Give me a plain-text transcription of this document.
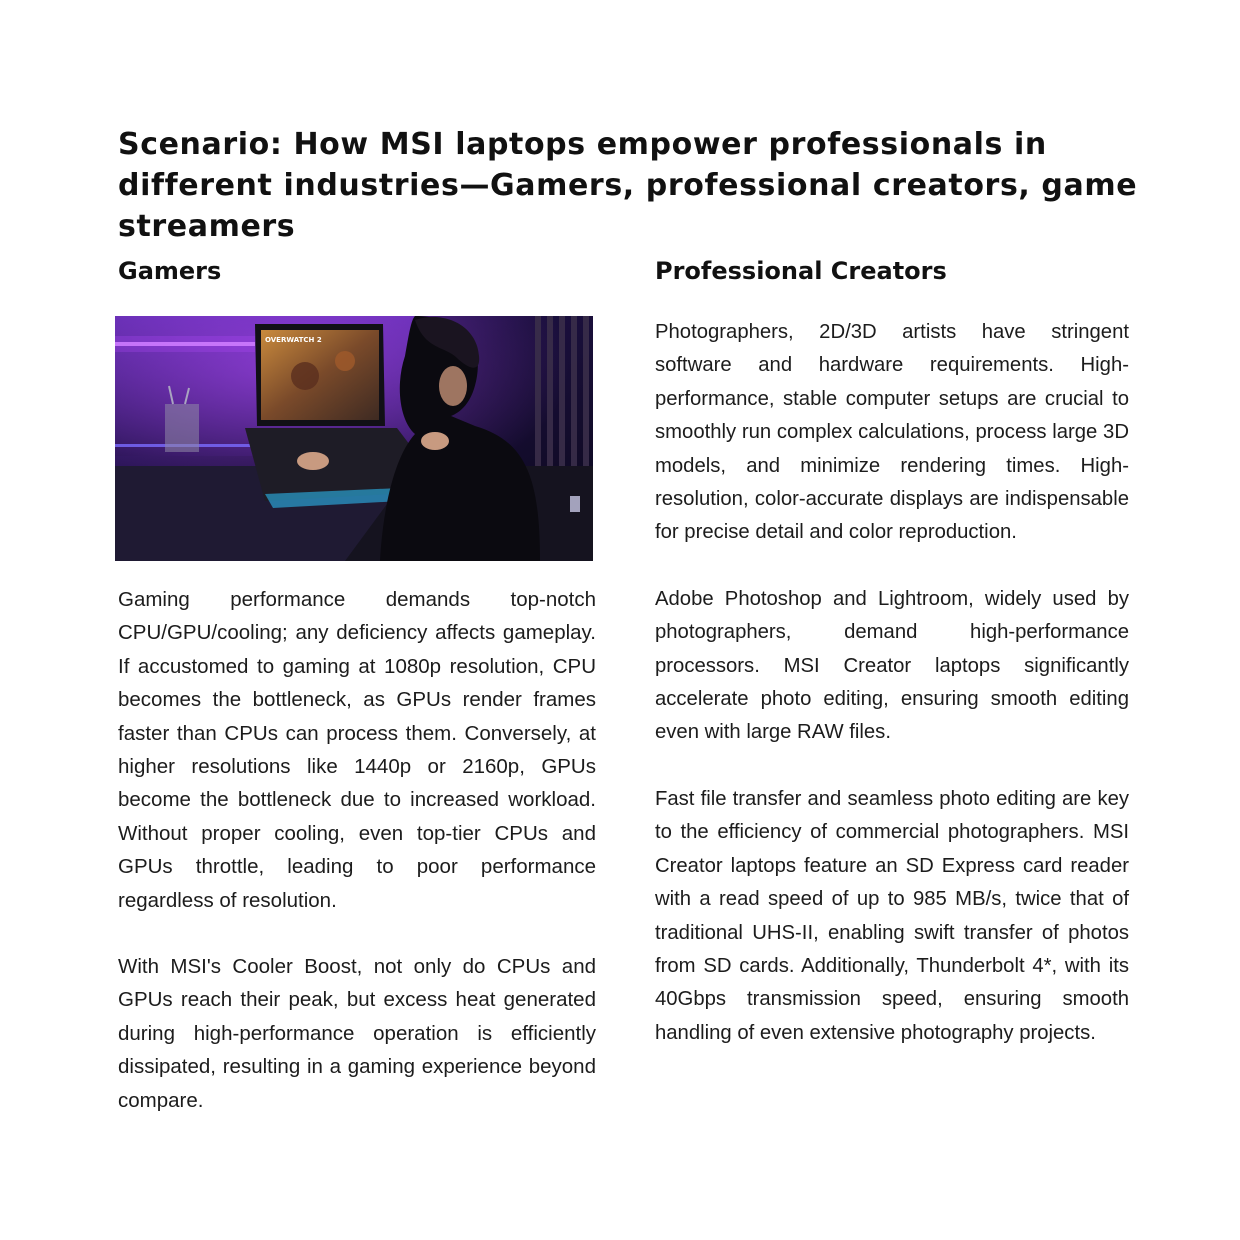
Scenario: How MSI laptops empower professionals in different industries—Gamers, professional creators, game streamers
Gamers
OVERWATCH 2

Gaming performance demands top-notch CPU/GPU/cooling; any deficiency affects gameplay. If accustomed to gaming at 1080p resolution, CPU becomes the bottleneck, as GPUs render frames faster than CPUs can process them. Conversely, at higher resolutions like 1440p or 2160p, GPUs become the bottleneck due to increased workload. Without proper cooling, even top-tier CPUs and GPUs throttle, leading to poor performance regardless of resolution.

With MSI's Cooler Boost, not only do CPUs and GPUs reach their peak, but excess heat generated during high-performance operation is efficiently dissipated, resulting in a gaming experience beyond compare.

Professional Creators

Photographers, 2D/3D artists have stringent software and hardware requirements. High-performance, stable computer setups are crucial to smoothly run complex calculations, process large 3D models, and minimize rendering times. High-resolution, color-accurate displays are indispensable for precise detail and color reproduction.

Adobe Photoshop and Lightroom, widely used by photographers, demand high-performance processors. MSI Creator laptops significantly accelerate photo editing, ensuring smooth editing even with large RAW files.

Fast file transfer and seamless photo editing are key to the efficiency of commercial photographers. MSI Creator laptops feature an SD Express card reader with a read speed of up to 985 MB/s, twice that of traditional UHS-II, enabling swift transfer of photos from SD cards. Additionally, Thunderbolt 4*, with its 40Gbps transmission speed, ensuring smooth handling of even extensive photography projects.
